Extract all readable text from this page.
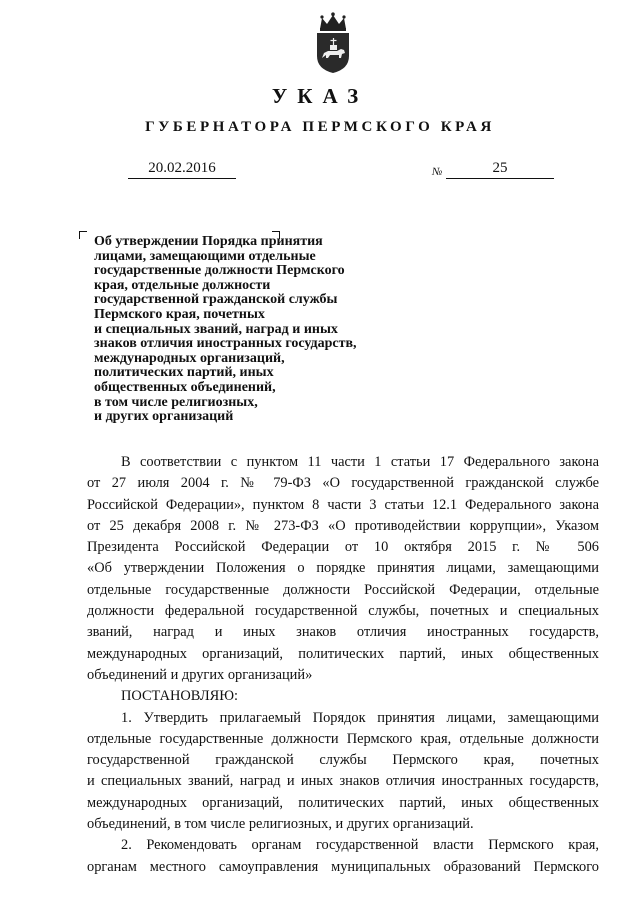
УКАЗ
ГУБЕРНАТОРА ПЕРМСКОГО КРАЯ
20.02.2016	№	25
Об утверждении Порядка принятия
лицами, замещающими отдельные
государственные должности Пермского
края, отдельные должности
государственной гражданской службы
Пермского края, почетных
и специальных званий, наград и иных
знаков отличия иностранных государств,
международных организаций,
политических партий, иных
общественных объединений,
в том числе религиозных,
и других организаций
В соответствии с пунктом 11 части 1 статьи 17 Федерального закона
от 27 июля 2004 г. № 79-ФЗ «О государственной гражданской службе
Российской Федерации», пунктом 8 части 3 статьи 12.1 Федерального закона
от 25 декабря 2008 г. № 273-ФЗ «О противодействии коррупции», Указом
Президента Российской Федерации от 10 октября 2015 г. № 506
«Об утверждении Положения о порядке принятия лицами, замещающими
отдельные государственные должности Российской Федерации, отдельные
должности федеральной государственной службы, почетных и специальных
званий, наград и иных знаков отличия иностранных государств,
международных организаций, политических партий, иных общественных
объединений и других организаций»
ПОСТАНОВЛЯЮ:
1. Утвердить прилагаемый Порядок принятия лицами, замещающими
отдельные государственные должности Пермского края, отдельные должности
государственной гражданской службы Пермского края, почетных
и специальных званий, наград и иных знаков отличия иностранных государств,
международных организаций, политических партий, иных общественных
объединений, в том числе религиозных, и других организаций.
2. Рекомендовать органам государственной власти Пермского края,
органам местного самоуправления муниципальных образований Пермского
